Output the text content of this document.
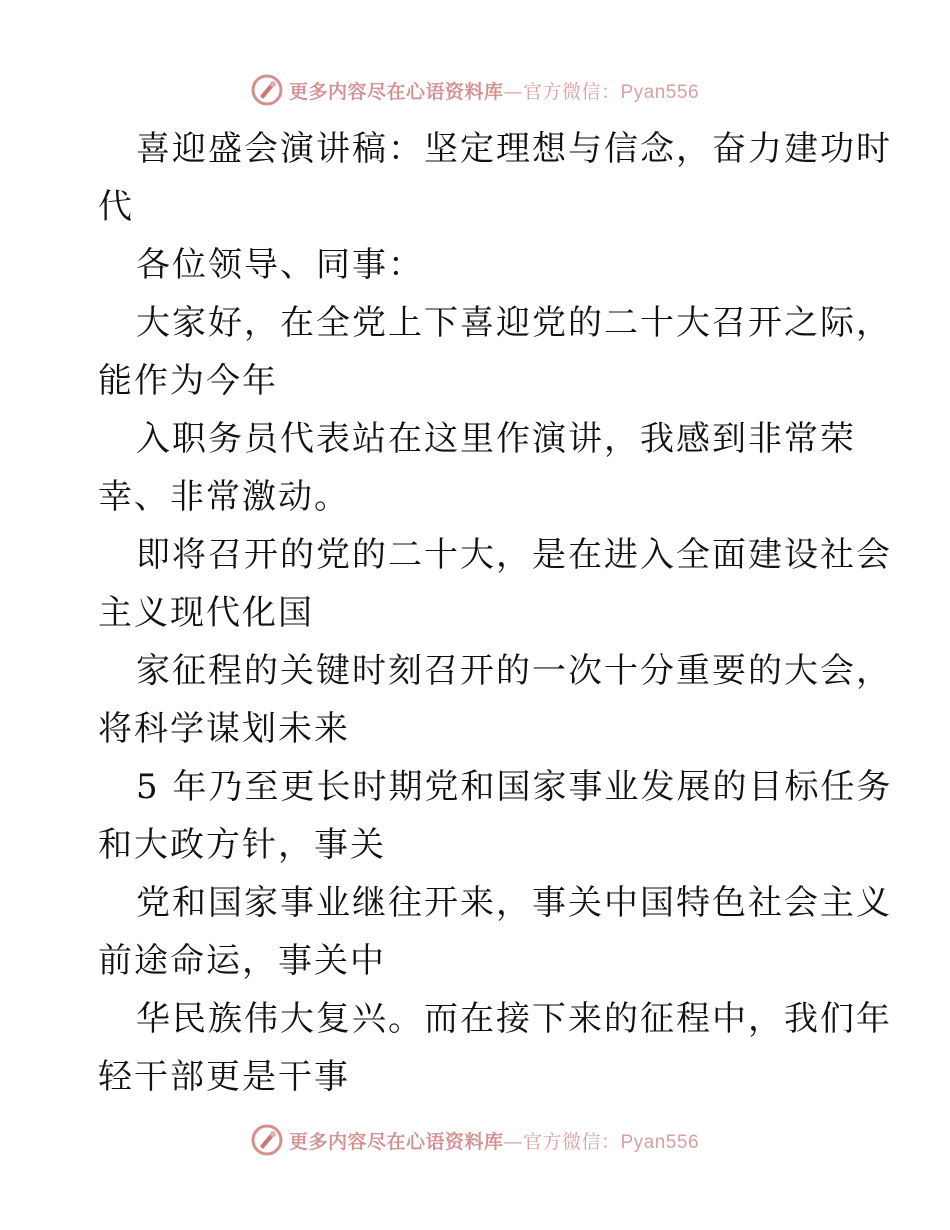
更多内容尽在心语资料库—官方微信：Pyan556
喜迎盛会演讲稿：坚定理想与信念，奋力建功时
代
各位领导、同事：
大家好，在全党上下喜迎党的二十大召开之际，
能作为今年
入职务员代表站在这里作演讲，我感到非常荣
幸、非常激动。
即将召开的党的二十大，是在进入全面建设社会
主义现代化国
家征程的关键时刻召开的一次十分重要的大会，
将科学谋划未来
5 年乃至更长时期党和国家事业发展的目标任务
和大政方针，事关
党和国家事业继往开来，事关中国特色社会主义
前途命运，事关中
华民族伟大复兴。而在接下来的征程中，我们年
轻干部更是干事
更多内容尽在心语资料库—官方微信：Pyan556
